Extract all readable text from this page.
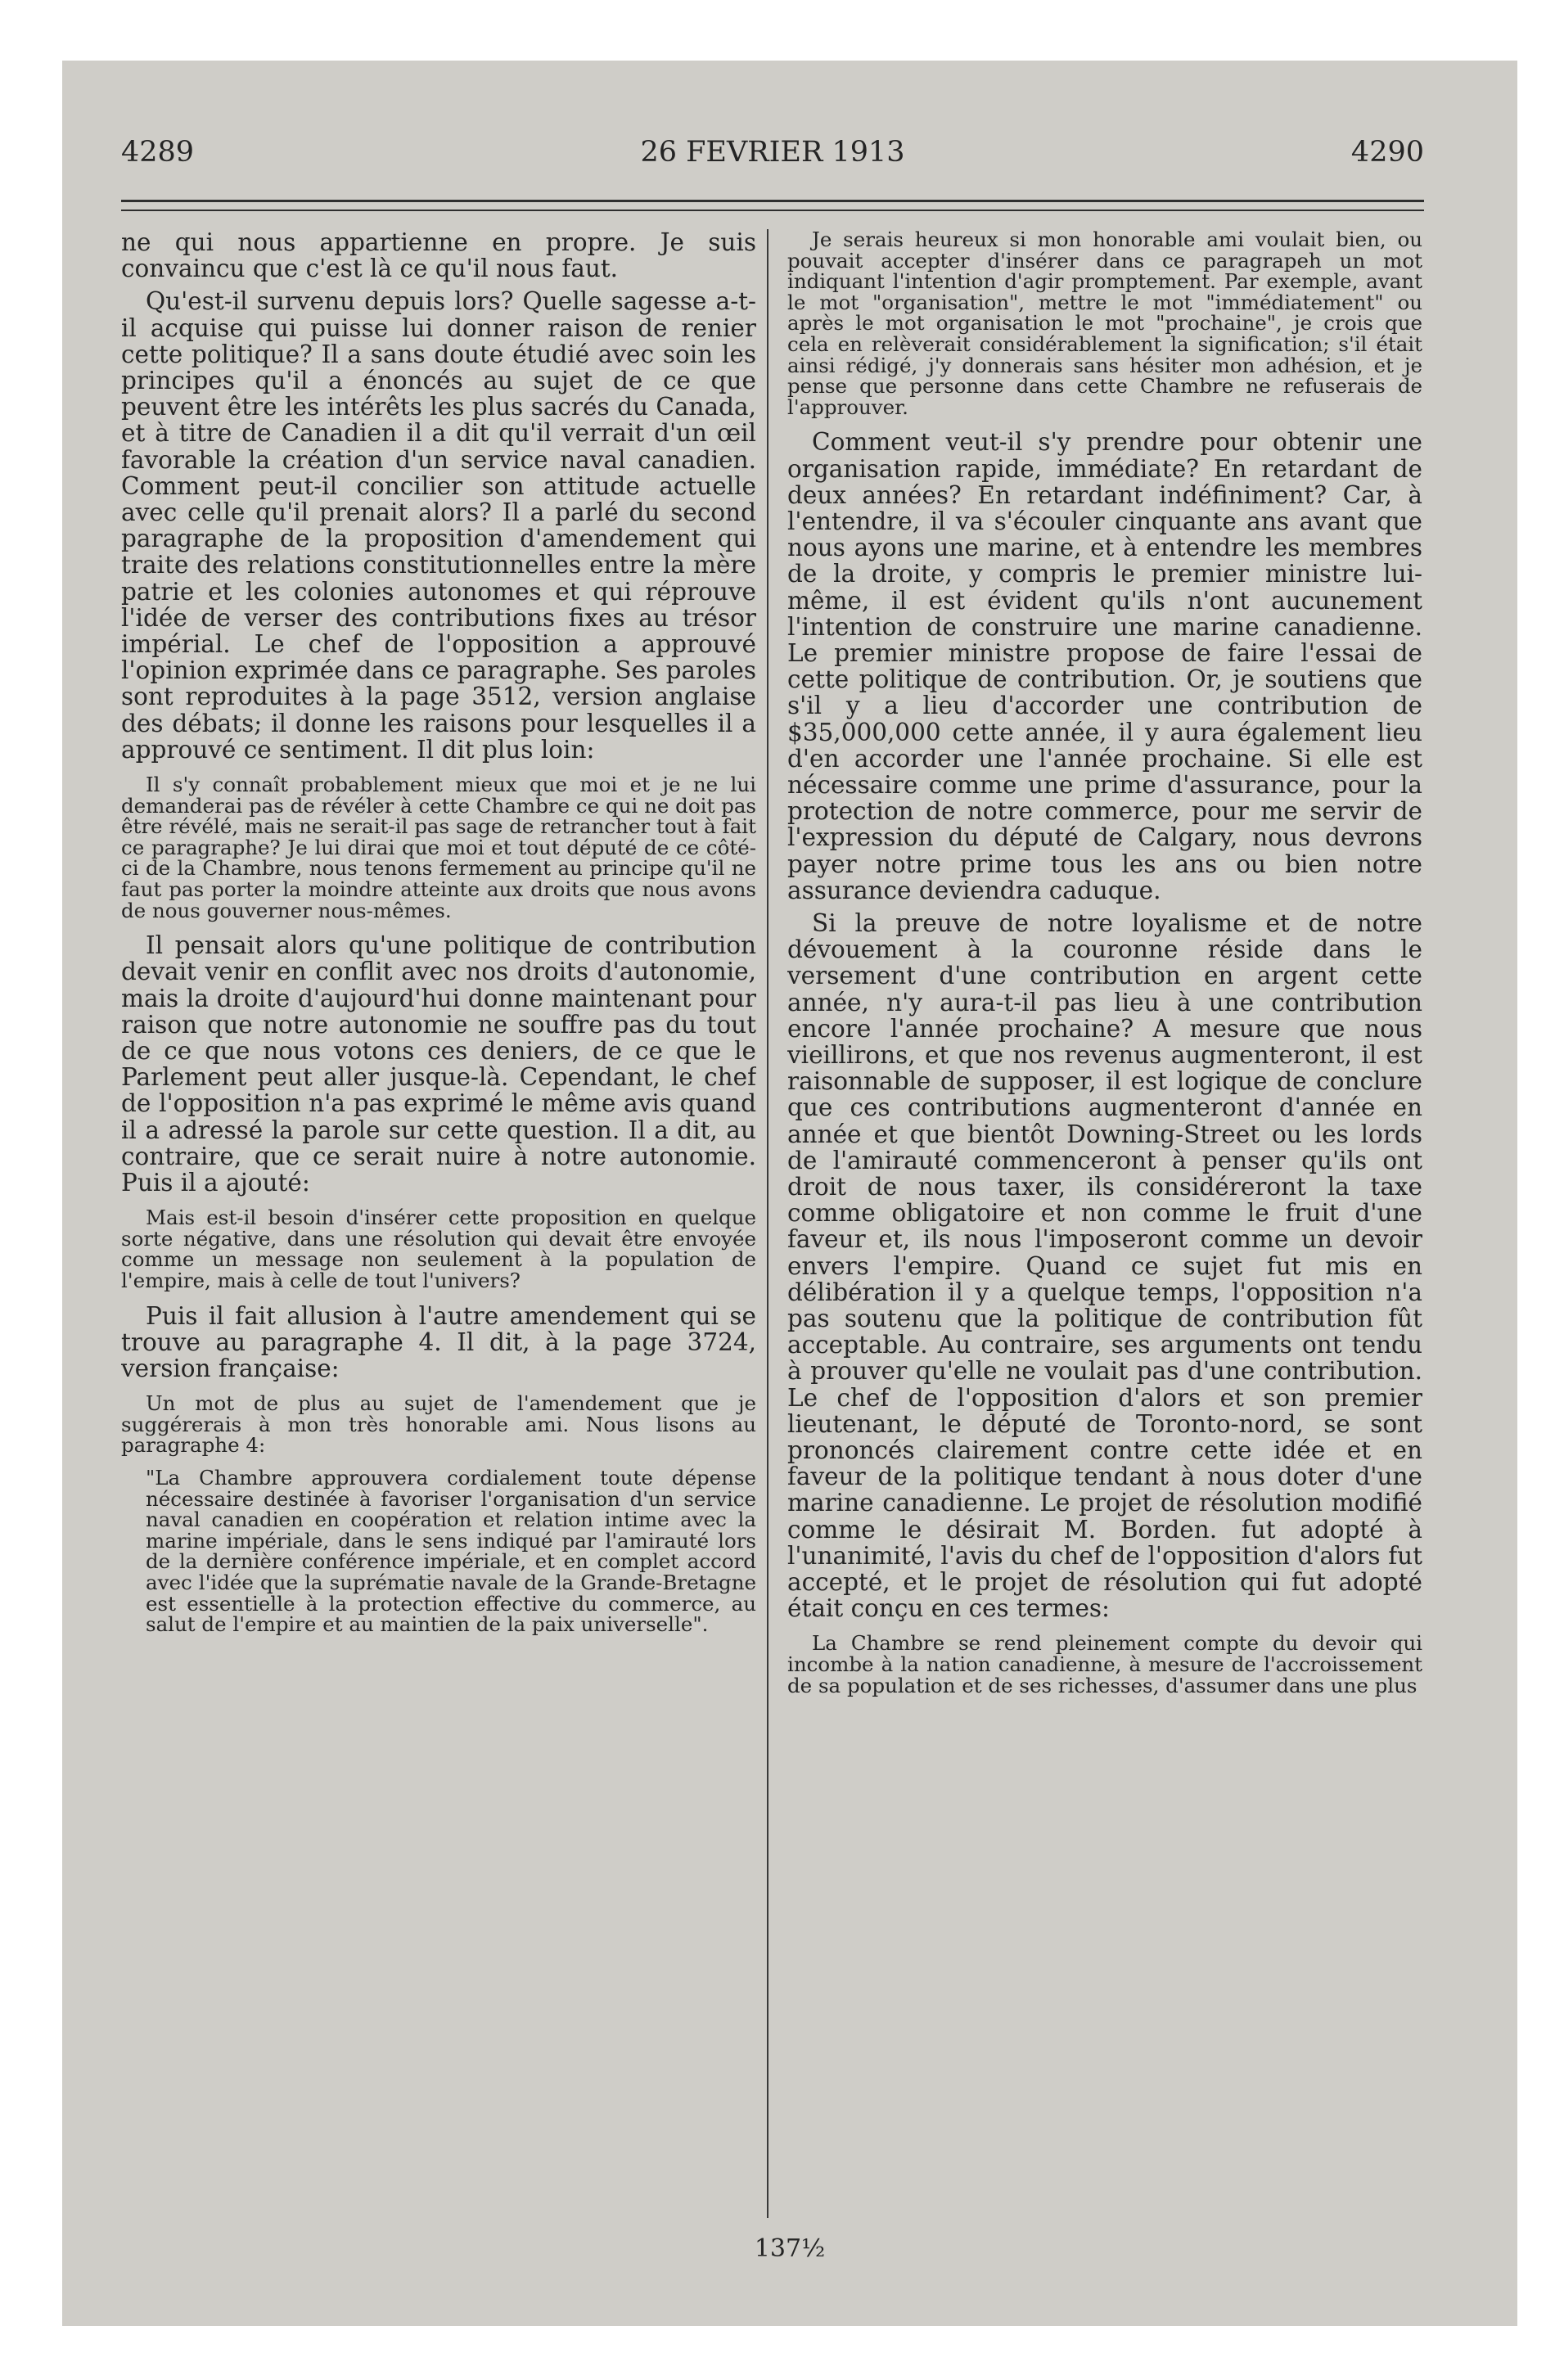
4289	26 FEVRIER 1913	4290

ne qui nous appartienne en propre. Je suis convaincu que c'est là ce qu'il nous faut.

Qu'est-il survenu depuis lors? Quelle sagesse a-t-il acquise qui puisse lui donner raison de renier cette politique? Il a sans doute étudié avec soin les principes qu'il a énoncés au sujet de ce que peuvent être les intérêts les plus sacrés du Canada, et à titre de Canadien il a dit qu'il verrait d'un œil favorable la création d'un service naval canadien. Comment peut-il concilier son attitude actuelle avec celle qu'il prenait alors? Il a parlé du second paragraphe de la proposition d'amendement qui traite des relations constitutionnelles entre la mère patrie et les colonies autonomes et qui réprouve l'idée de verser des contributions fixes au trésor impérial. Le chef de l'opposition a approuvé l'opinion exprimée dans ce paragraphe. Ses paroles sont reproduites à la page 3512, version anglaise des débats; il donne les raisons pour lesquelles il a approuvé ce sentiment. Il dit plus loin:

Il s'y connaît probablement mieux que moi et je ne lui demanderai pas de révéler à cette Chambre ce qui ne doit pas être révélé, mais ne serait-il pas sage de retrancher tout à fait ce paragraphe? Je lui dirai que moi et tout député de ce côté-ci de la Chambre, nous tenons fermement au principe qu'il ne faut pas porter la moindre atteinte aux droits que nous avons de nous gouverner nous-mêmes.

Il pensait alors qu'une politique de contribution devait venir en conflit avec nos droits d'autonomie, mais la droite d'aujourd'hui donne maintenant pour raison que notre autonomie ne souffre pas du tout de ce que nous votons ces deniers, de ce que le Parlement peut aller jusque-là. Cependant, le chef de l'opposition n'a pas exprimé le même avis quand il a adressé la parole sur cette question. Il a dit, au contraire, que ce serait nuire à notre autonomie. Puis il a ajouté:

Mais est-il besoin d'insérer cette proposition en quelque sorte négative, dans une résolution qui devait être envoyée comme un message non seulement à la population de l'empire, mais à celle de tout l'univers?

Puis il fait allusion à l'autre amendement qui se trouve au paragraphe 4. Il dit, à la page 3724, version française:

Un mot de plus au sujet de l'amendement que je suggérerais à mon très honorable ami. Nous lisons au paragraphe 4:

"La Chambre approuvera cordialement toute dépense nécessaire destinée à favoriser l'organisation d'un service naval canadien en coopération et relation intime avec la marine impériale, dans le sens indiqué par l'amirauté lors de la dernière conférence impériale, et en complet accord avec l'idée que la suprématie navale de la Grande-Bretagne est essentielle à la protection effective du commerce, au salut de l'empire et au maintien de la paix universelle".

Je serais heureux si mon honorable ami voulait bien, ou pouvait accepter d'insérer dans ce paragrapeh un mot indiquant l'intention d'agir promptement. Par exemple, avant le mot "organisation", mettre le mot "immédiatement" ou après le mot organisation le mot "prochaine", je crois que cela en relèverait considérablement la signification; s'il était ainsi rédigé, j'y donnerais sans hésiter mon adhésion, et je pense que personne dans cette Chambre ne refuserais de l'approuver.

Comment veut-il s'y prendre pour obtenir une organisation rapide, immédiate? En retardant de deux années? En retardant indéfiniment? Car, à l'entendre, il va s'écouler cinquante ans avant que nous ayons une marine, et à entendre les membres de la droite, y compris le premier ministre lui-même, il est évident qu'ils n'ont aucunement l'intention de construire une marine canadienne. Le premier ministre propose de faire l'essai de cette politique de contribution. Or, je soutiens que s'il y a lieu d'accorder une contribution de $35,000,000 cette année, il y aura également lieu d'en accorder une l'année prochaine. Si elle est nécessaire comme une prime d'assurance, pour la protection de notre commerce, pour me servir de l'expression du député de Calgary, nous devrons payer notre prime tous les ans ou bien notre assurance deviendra caduque.

Si la preuve de notre loyalisme et de notre dévouement à la couronne réside dans le versement d'une contribution en argent cette année, n'y aura-t-il pas lieu à une contribution encore l'année prochaine? A mesure que nous vieillirons, et que nos revenus augmenteront, il est raisonnable de supposer, il est logique de conclure que ces contributions augmenteront d'année en année et que bientôt Downing-Street ou les lords de l'amirauté commenceront à penser qu'ils ont droit de nous taxer, ils considéreront la taxe comme obligatoire et non comme le fruit d'une faveur et, ils nous l'imposeront comme un devoir envers l'empire. Quand ce sujet fut mis en délibération il y a quelque temps, l'opposition n'a pas soutenu que la politique de contribution fût acceptable. Au contraire, ses arguments ont tendu à prouver qu'elle ne voulait pas d'une contribution. Le chef de l'opposition d'alors et son premier lieutenant, le député de Toronto-nord, se sont prononcés clairement contre cette idée et en faveur de la politique tendant à nous doter d'une marine canadienne. Le projet de résolution modifié comme le désirait M. Borden. fut adopté à l'unanimité, l'avis du chef de l'opposition d'alors fut accepté, et le projet de résolution qui fut adopté était conçu en ces termes:

La Chambre se rend pleinement compte du devoir qui incombe à la nation canadienne, à mesure de l'accroissement de sa population et de ses richesses, d'assumer dans une plus

137½
